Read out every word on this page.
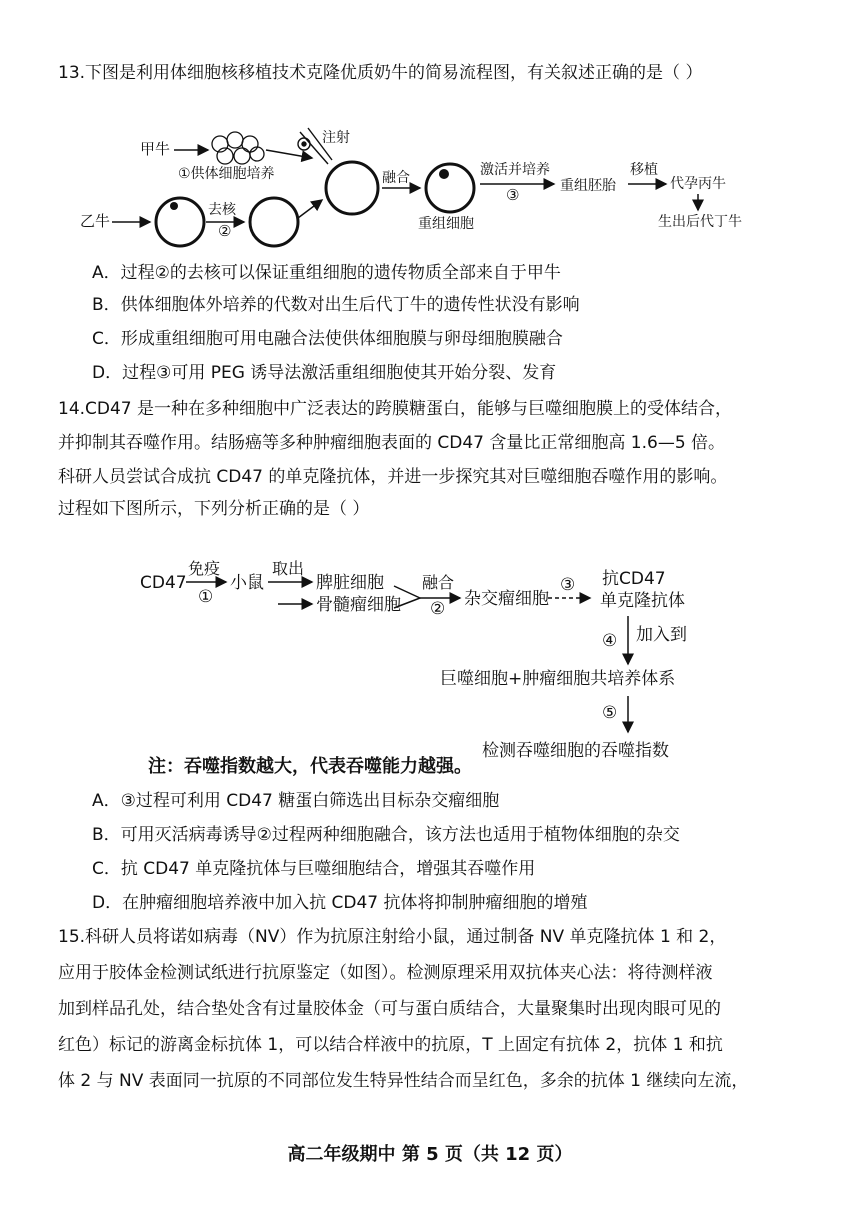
13.下图是利用体细胞核移植技术克隆优质奶牛的简易流程图，有关叙述正确的是（ ）
甲牛
①供体细胞培养
乙牛
去核
②
注射
融合
重组细胞
激活并培养
③	重组胚胎
移植
代孕丙牛
生出后代丁牛
A．过程②的去核可以保证重组细胞的遗传物质全部来自于甲牛
B．供体细胞体外培养的代数对出生后代丁牛的遗传性状没有影响
C．形成重组细胞可用电融合法使供体细胞膜与卵母细胞膜融合
D．过程③可用 PEG 诱导法激活重组细胞使其开始分裂、发育
14.CD47 是一种在多种细胞中广泛表达的跨膜糖蛋白，能够与巨噬细胞膜上的受体结合，
并抑制其吞噬作用。结肠癌等多种肿瘤细胞表面的 CD47 含量比正常细胞高 1.6—5 倍。
科研人员尝试合成抗 CD47 的单克隆抗体，并进一步探究其对巨噬细胞吞噬作用的影响。
过程如下图所示，下列分析正确的是（ ）
CD47
免疫
①
小鼠
取出
脾脏细胞
骨髓瘤细胞
融合
② 杂交瘤细胞
③ 抗CD47
单克隆抗体
④ 加入到
巨噬细胞+肿瘤细胞共培养体系
⑤
检测吞噬细胞的吞噬指数
注：吞噬指数越大，代表吞噬能力越强。
A．③过程可利用 CD47 糖蛋白筛选出目标杂交瘤细胞
B．可用灭活病毒诱导②过程两种细胞融合，该方法也适用于植物体细胞的杂交
C．抗 CD47 单克隆抗体与巨噬细胞结合，增强其吞噬作用
D．在肿瘤细胞培养液中加入抗 CD47 抗体将抑制肿瘤细胞的增殖
15.科研人员将诺如病毒（NV）作为抗原注射给小鼠，通过制备 NV 单克隆抗体 1 和 2，
应用于胶体金检测试纸进行抗原鉴定（如图）。检测原理采用双抗体夹心法：将待测样液
加到样品孔处，结合垫处含有过量胶体金（可与蛋白质结合，大量聚集时出现肉眼可见的
红色）标记的游离金标抗体 1，可以结合样液中的抗原，T 上固定有抗体 2，抗体 1 和抗
体 2 与 NV 表面同一抗原的不同部位发生特异性结合而呈红色，多余的抗体 1 继续向左流，
高二年级期中 第 5 页（共 12 页）
